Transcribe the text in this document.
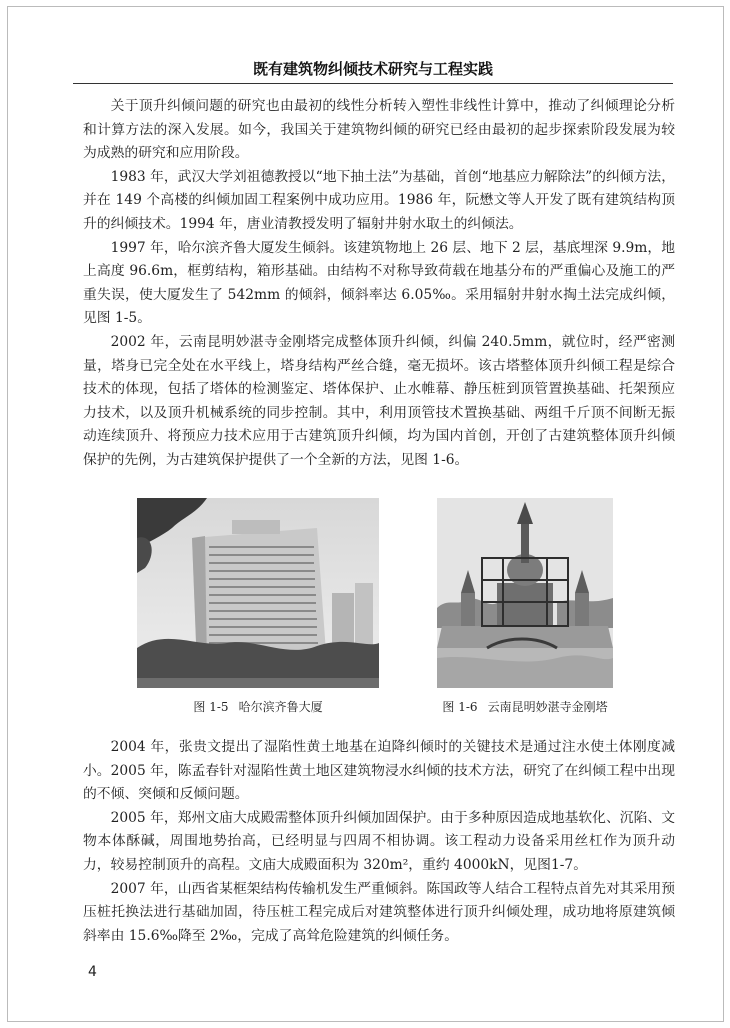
既有建筑物纠倾技术研究与工程实践

关于顶升纠倾问题的研究也由最初的线性分析转入塑性非线性计算中，推动了纠倾理论分析和计算方法的深入发展。如今，我国关于建筑物纠倾的研究已经由最初的起步探索阶段发展为较为成熟的研究和应用阶段。

1983 年，武汉大学刘祖德教授以“地下抽土法”为基础，首创“地基应力解除法”的纠倾方法，并在 149 个高楼的纠倾加固工程案例中成功应用。1986 年，阮懋文等人开发了既有建筑结构顶升的纠倾技术。1994 年，唐业清教授发明了辐射井射水取土的纠倾法。

1997 年，哈尔滨齐鲁大厦发生倾斜。该建筑物地上 26 层、地下 2 层，基底埋深 9.9m，地上高度 96.6m，框剪结构，箱形基础。由结构不对称导致荷载在地基分布的严重偏心及施工的严重失误，使大厦发生了 542mm 的倾斜，倾斜率达 6.05‰。采用辐射井射水掏土法完成纠倾，见图 1-5。

2002 年，云南昆明妙湛寺金刚塔完成整体顶升纠倾，纠偏 240.5mm，就位时，经严密测量，塔身已完全处在水平线上，塔身结构严丝合缝，毫无损坏。该古塔整体顶升纠倾工程是综合技术的体现，包括了塔体的检测鉴定、塔体保护、止水帷幕、静压桩到顶管置换基础、托架预应力技术，以及顶升机械系统的同步控制。其中，利用顶管技术置换基础、两组千斤顶不间断无振动连续顶升、将预应力技术应用于古建筑顶升纠倾，均为国内首创，开创了古建筑整体顶升纠倾保护的先例，为古建筑保护提供了一个全新的方法，见图 1-6。

图 1-5 哈尔滨齐鲁大厦	图 1-6 云南昆明妙湛寺金刚塔

2004 年，张贵文提出了湿陷性黄土地基在迫降纠倾时的关键技术是通过注水使土体刚度减小。2005 年，陈孟春针对湿陷性黄土地区建筑物浸水纠倾的技术方法，研究了在纠倾工程中出现的不倾、突倾和反倾问题。

2005 年，郑州文庙大成殿需整体顶升纠倾加固保护。由于多种原因造成地基软化、沉陷、文物本体酥碱，周围地势抬高，已经明显与四周不相协调。该工程动力设备采用丝杠作为顶升动力，较易控制顶升的高程。文庙大成殿面积为 320m²，重约 4000kN，见图1-7。

2007 年，山西省某框架结构传输机发生严重倾斜。陈国政等人结合工程特点首先对其采用预压桩托换法进行基础加固，待压桩工程完成后对建筑整体进行顶升纠倾处理，成功地将原建筑倾斜率由 15.6‰降至 2‰，完成了高耸危险建筑的纠倾任务。

4
